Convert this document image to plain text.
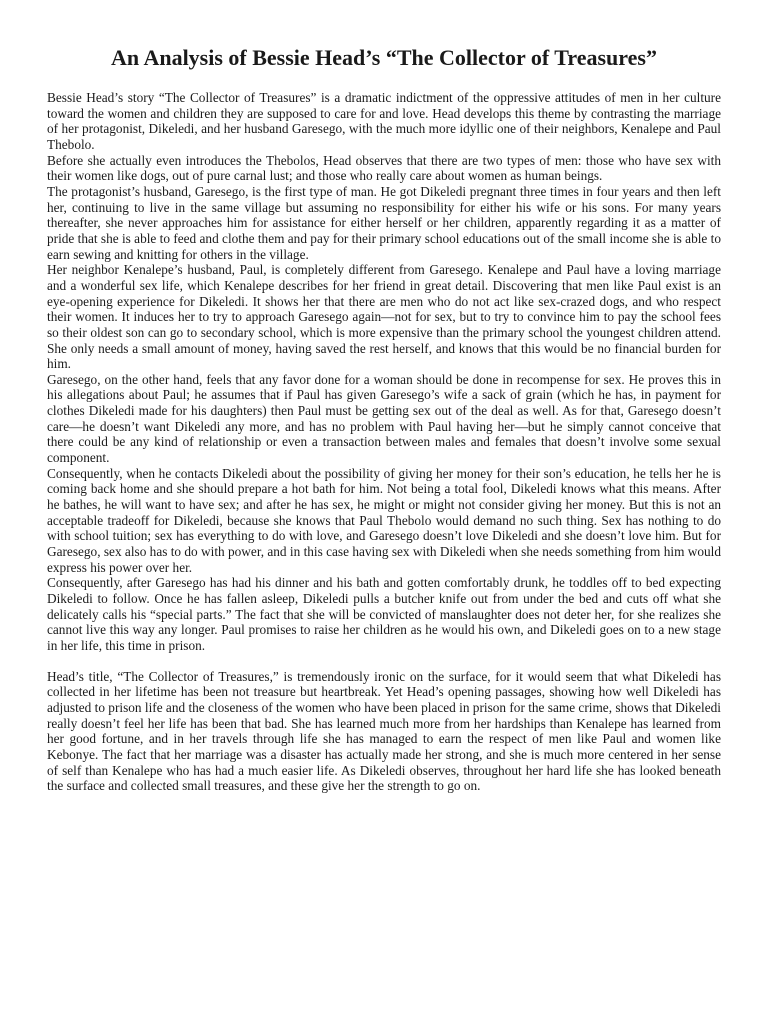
An Analysis of Bessie Head’s “The Collector of Treasures”

Bessie Head’s story “The Collector of Treasures” is a dramatic indictment of the oppressive attitudes of men in her culture toward the women and children they are supposed to care for and love. Head develops this theme by contrasting the marriage of her protagonist, Dikeledi, and her husband Garesego, with the much more idyllic one of their neighbors, Kenalepe and Paul Thebolo.

Before she actually even introduces the Thebolos, Head observes that there are two types of men: those who have sex with their women like dogs, out of pure carnal lust; and those who really care about women as human beings.

The protagonist’s husband, Garesego, is the first type of man. He got Dikeledi pregnant three times in four years and then left her, continuing to live in the same village but assuming no responsibility for either his wife or his sons. For many years thereafter, she never approaches him for assistance for either herself or her children, apparently regarding it as a matter of pride that she is able to feed and clothe them and pay for their primary school educations out of the small income she is able to earn sewing and knitting for others in the village.

Her neighbor Kenalepe’s husband, Paul, is completely different from Garesego. Kenalepe and Paul have a loving marriage and a wonderful sex life, which Kenalepe describes for her friend in great detail. Discovering that men like Paul exist is an eye-opening experience for Dikeledi. It shows her that there are men who do not act like sex-crazed dogs, and who respect their women. It induces her to try to approach Garesego again—not for sex, but to try to convince him to pay the school fees so their oldest son can go to secondary school, which is more expensive than the primary school the youngest children attend. She only needs a small amount of money, having saved the rest herself, and knows that this would be no financial burden for him.

Garesego, on the other hand, feels that any favor done for a woman should be done in recompense for sex. He proves this in his allegations about Paul; he assumes that if Paul has given Garesego’s wife a sack of grain (which he has, in payment for clothes Dikeledi made for his daughters) then Paul must be getting sex out of the deal as well. As for that, Garesego doesn’t care—he doesn’t want Dikeledi any more, and has no problem with Paul having her—but he simply cannot conceive that there could be any kind of relationship or even a transaction between males and females that doesn’t involve some sexual component.

Consequently, when he contacts Dikeledi about the possibility of giving her money for their son’s education, he tells her he is coming back home and she should prepare a hot bath for him. Not being a total fool, Dikeledi knows what this means. After he bathes, he will want to have sex; and after he has sex, he might or might not consider giving her money. But this is not an acceptable tradeoff for Dikeledi, because she knows that Paul Thebolo would demand no such thing. Sex has nothing to do with school tuition; sex has everything to do with love, and Garesego doesn’t love Dikeledi and she doesn’t love him. But for Garesego, sex also has to do with power, and in this case having sex with Dikeledi when she needs something from him would express his power over her.

Consequently, after Garesego has had his dinner and his bath and gotten comfortably drunk, he toddles off to bed expecting Dikeledi to follow. Once he has fallen asleep, Dikeledi pulls a butcher knife out from under the bed and cuts off what she delicately calls his “special parts.” The fact that she will be convicted of manslaughter does not deter her, for she realizes she cannot live this way any longer. Paul promises to raise her children as he would his own, and Dikeledi goes on to a new stage in her life, this time in prison.

Head’s title, “The Collector of Treasures,” is tremendously ironic on the surface, for it would seem that what Dikeledi has collected in her lifetime has been not treasure but heartbreak. Yet Head’s opening passages, showing how well Dikeledi has adjusted to prison life and the closeness of the women who have been placed in prison for the same crime, shows that Dikeledi really doesn’t feel her life has been that bad. She has learned much more from her hardships than Kenalepe has learned from her good fortune, and in her travels through life she has managed to earn the respect of men like Paul and women like Kebonye. The fact that her marriage was a disaster has actually made her strong, and she is much more centered in her sense of self than Kenalepe who has had a much easier life. As Dikeledi observes, throughout her hard life she has looked beneath the surface and collected small treasures, and these give her the strength to go on.
